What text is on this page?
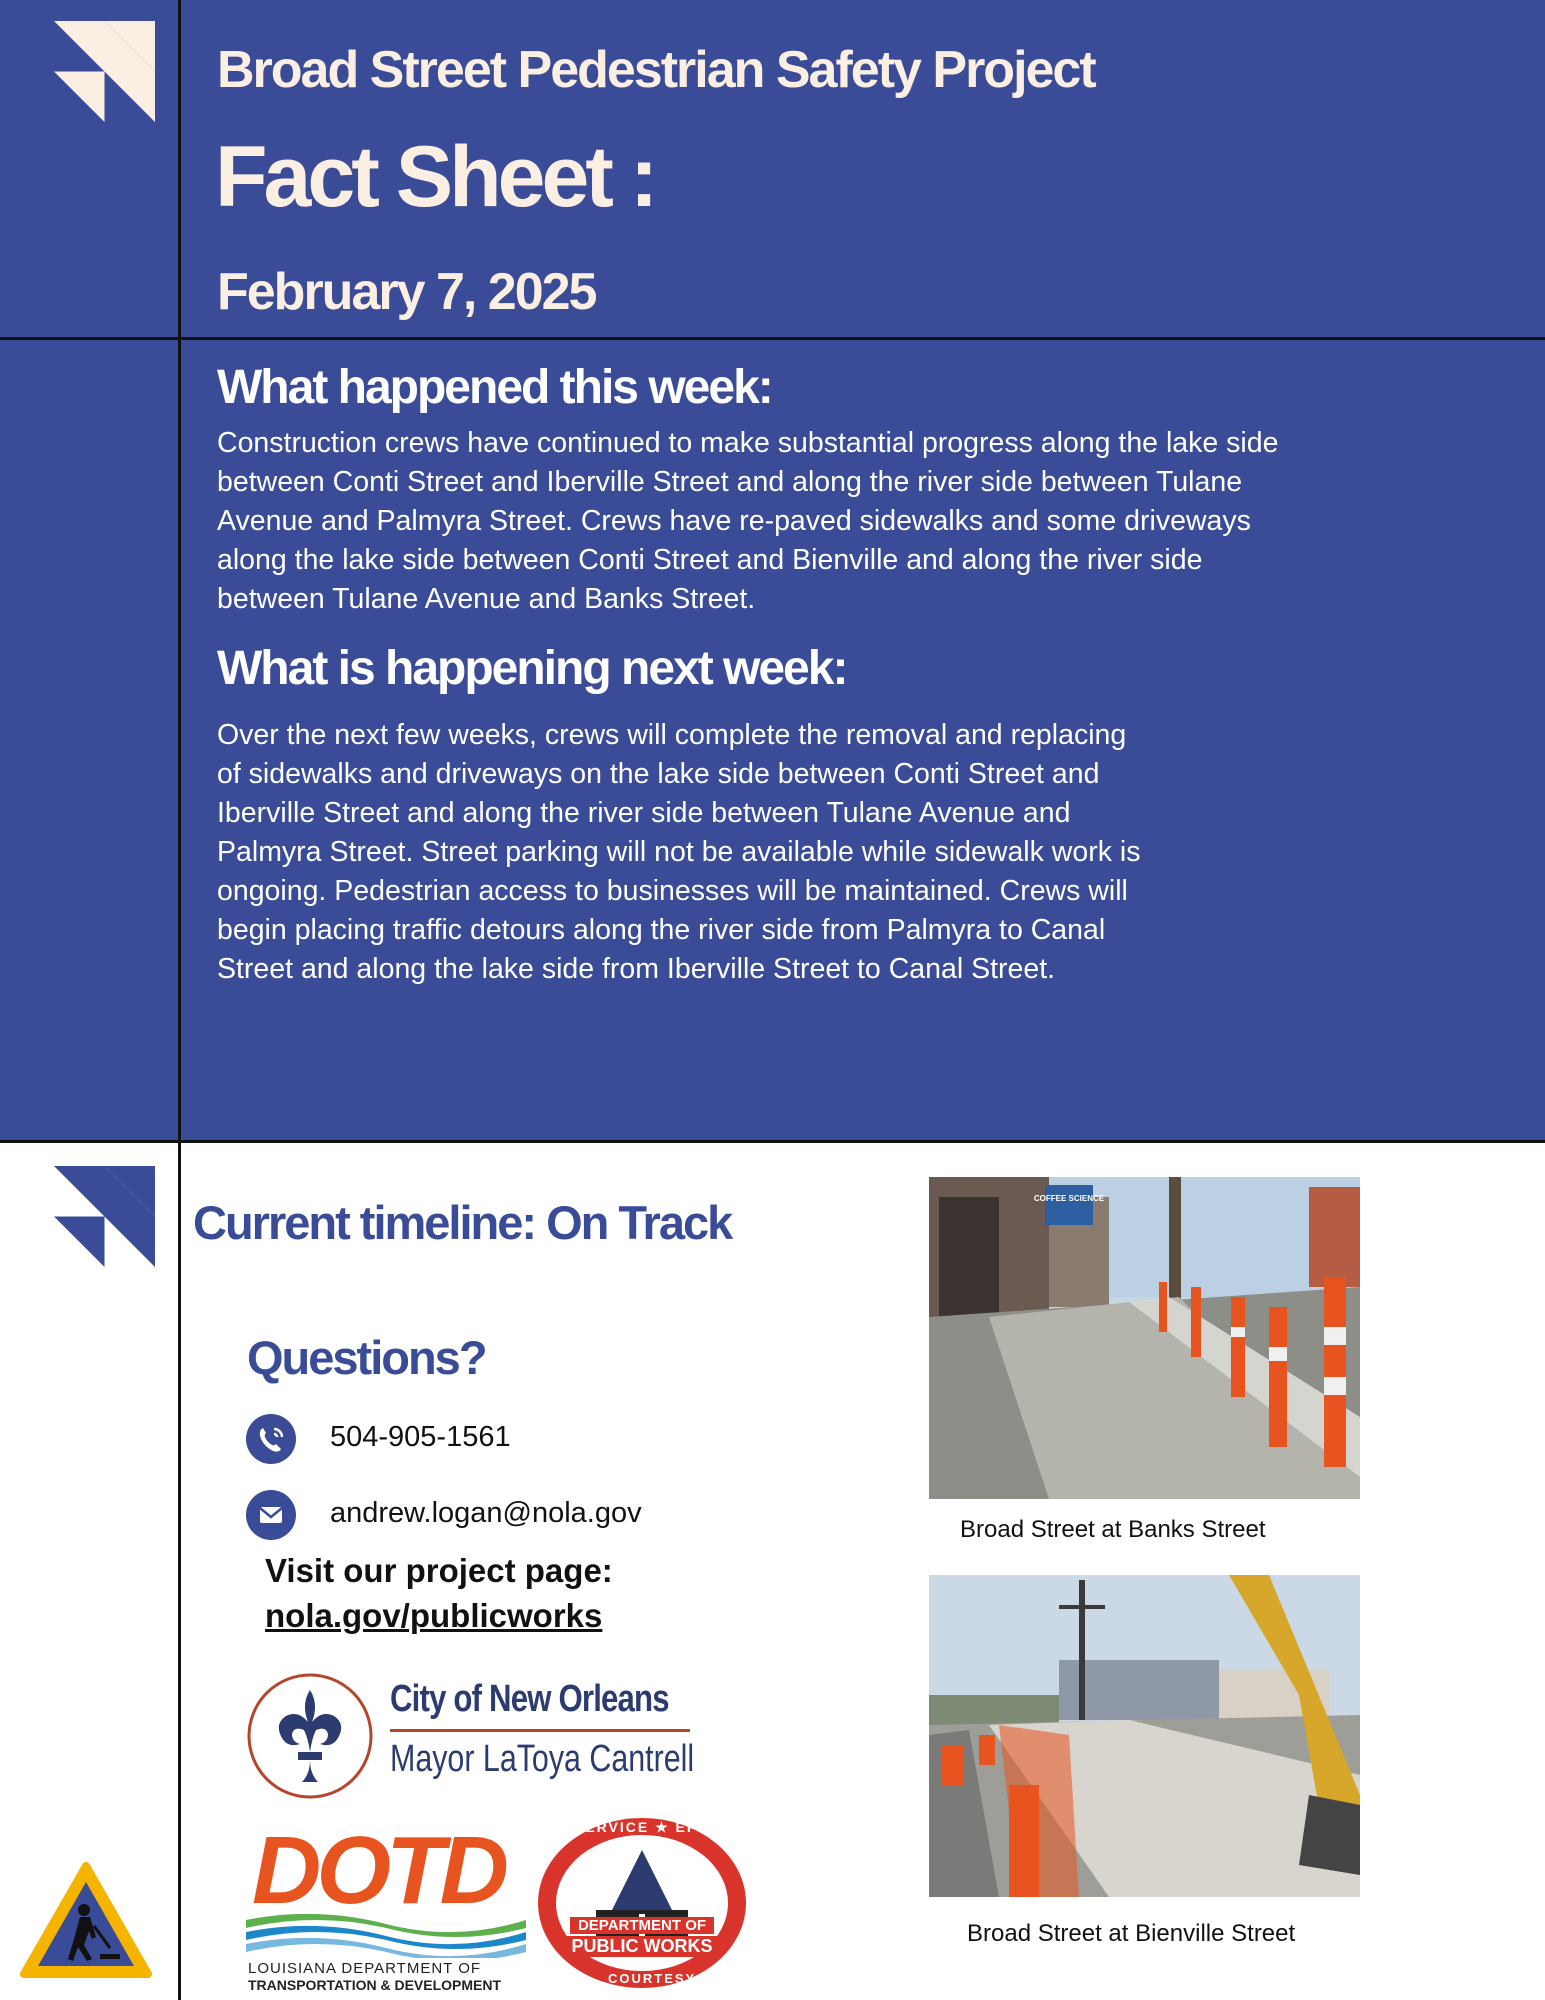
Broad Street Pedestrian Safety Project
Fact Sheet :
February 7, 2025
What happened this week:
Construction crews have continued to make substantial progress along the lake side
between Conti Street and Iberville Street and along the river side between Tulane
Avenue and Palmyra Street. Crews have re-paved sidewalks and some driveways
along the lake side between Conti Street and Bienville and along the river side
between Tulane Avenue and Banks Street.
What is happening next week:
Over the next few weeks, crews will complete the removal and replacing
of sidewalks and driveways on the lake side between Conti Street and
Iberville Street and along the river side between Tulane Avenue and
Palmyra Street. Street parking will not be available while sidewalk work is
ongoing. Pedestrian access to businesses will be maintained. Crews will
begin placing traffic detours along the river side from Palmyra to Canal
Street and along the lake side from Iberville Street to Canal Street.
Current timeline: On Track
Questions?
504-905-1561
andrew.logan@nola.gov
Visit our project page:
nola.gov/publicworks
City of New Orleans
Mayor LaToya Cantrell
DOTD
LOUISIANA DEPARTMENT OF
TRANSPORTATION & DEVELOPMENT
SERVICE ★ EFFICIENCY
COURTESY
DEPARTMENT OF
PUBLIC WORKS
COFFEE SCIENCE
Broad Street at Banks Street
Broad Street at Bienville Street
